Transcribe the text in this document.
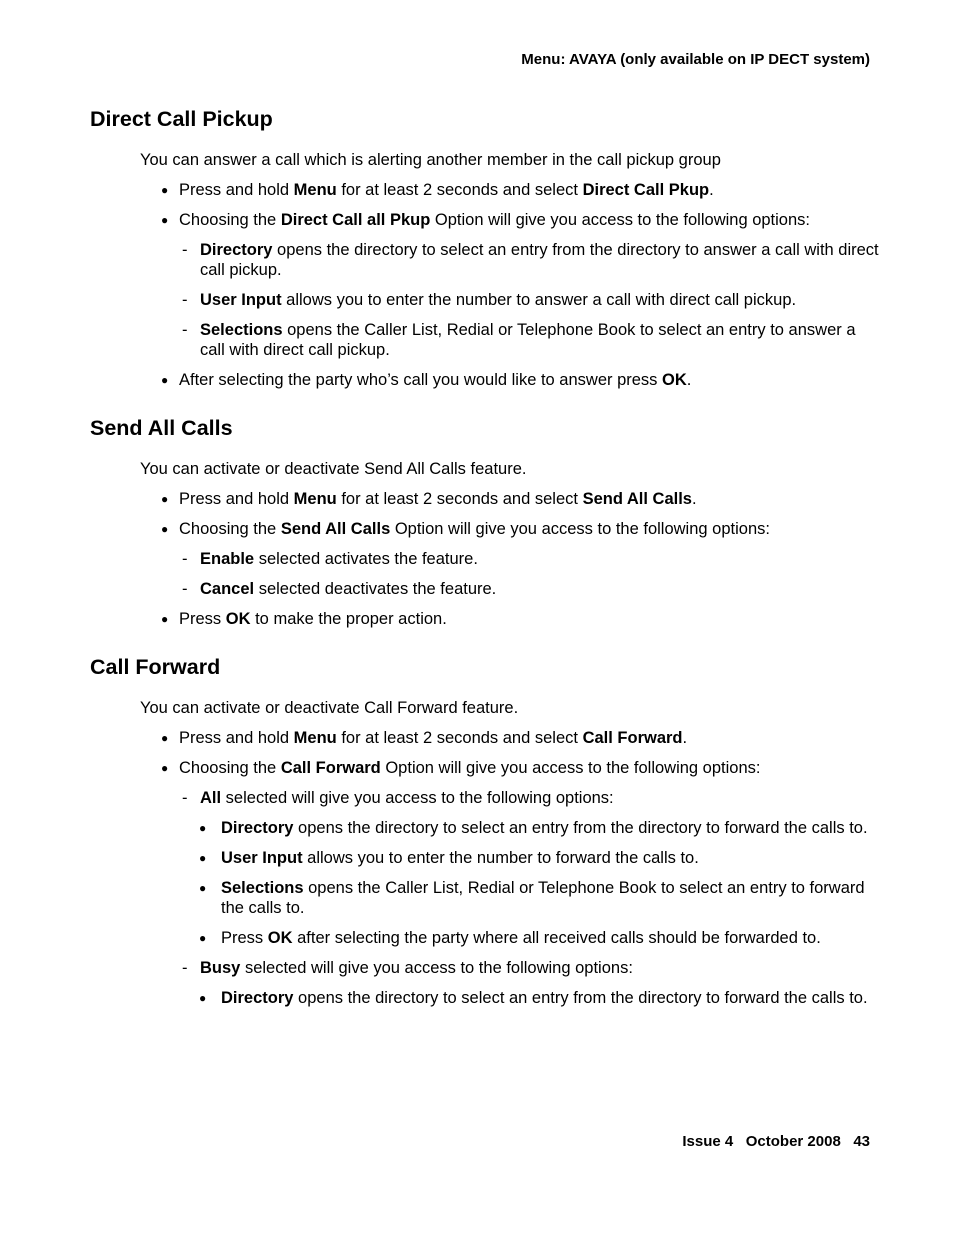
Menu: AVAYA (only available on IP DECT system)
Direct Call Pickup
You can answer a call which is alerting another member in the call pickup group
● Press and hold Menu for at least 2 seconds and select Direct Call Pkup.
● Choosing the Direct Call all Pkup Option will give you access to the following options:
- Directory opens the directory to select an entry from the directory to answer a call with direct call pickup.
- User Input allows you to enter the number to answer a call with direct call pickup.
- Selections opens the Caller List, Redial or Telephone Book to select an entry to answer a call with direct call pickup.
● After selecting the party who’s call you would like to answer press OK.
Send All Calls
You can activate or deactivate Send All Calls feature.
● Press and hold Menu for at least 2 seconds and select Send All Calls.
● Choosing the Send All Calls Option will give you access to the following options:
- Enable selected activates the feature.
- Cancel selected deactivates the feature.
● Press OK to make the proper action.
Call Forward
You can activate or deactivate Call Forward feature.
● Press and hold Menu for at least 2 seconds and select Call Forward.
● Choosing the Call Forward Option will give you access to the following options:
- All selected will give you access to the following options:
● Directory opens the directory to select an entry from the directory to forward the calls to.
● User Input allows you to enter the number to forward the calls to.
● Selections opens the Caller List, Redial or Telephone Book to select an entry to forward the calls to.
● Press OK after selecting the party where all received calls should be forwarded to.
- Busy selected will give you access to the following options:
● Directory opens the directory to select an entry from the directory to forward the calls to.
Issue 4 October 2008 43
